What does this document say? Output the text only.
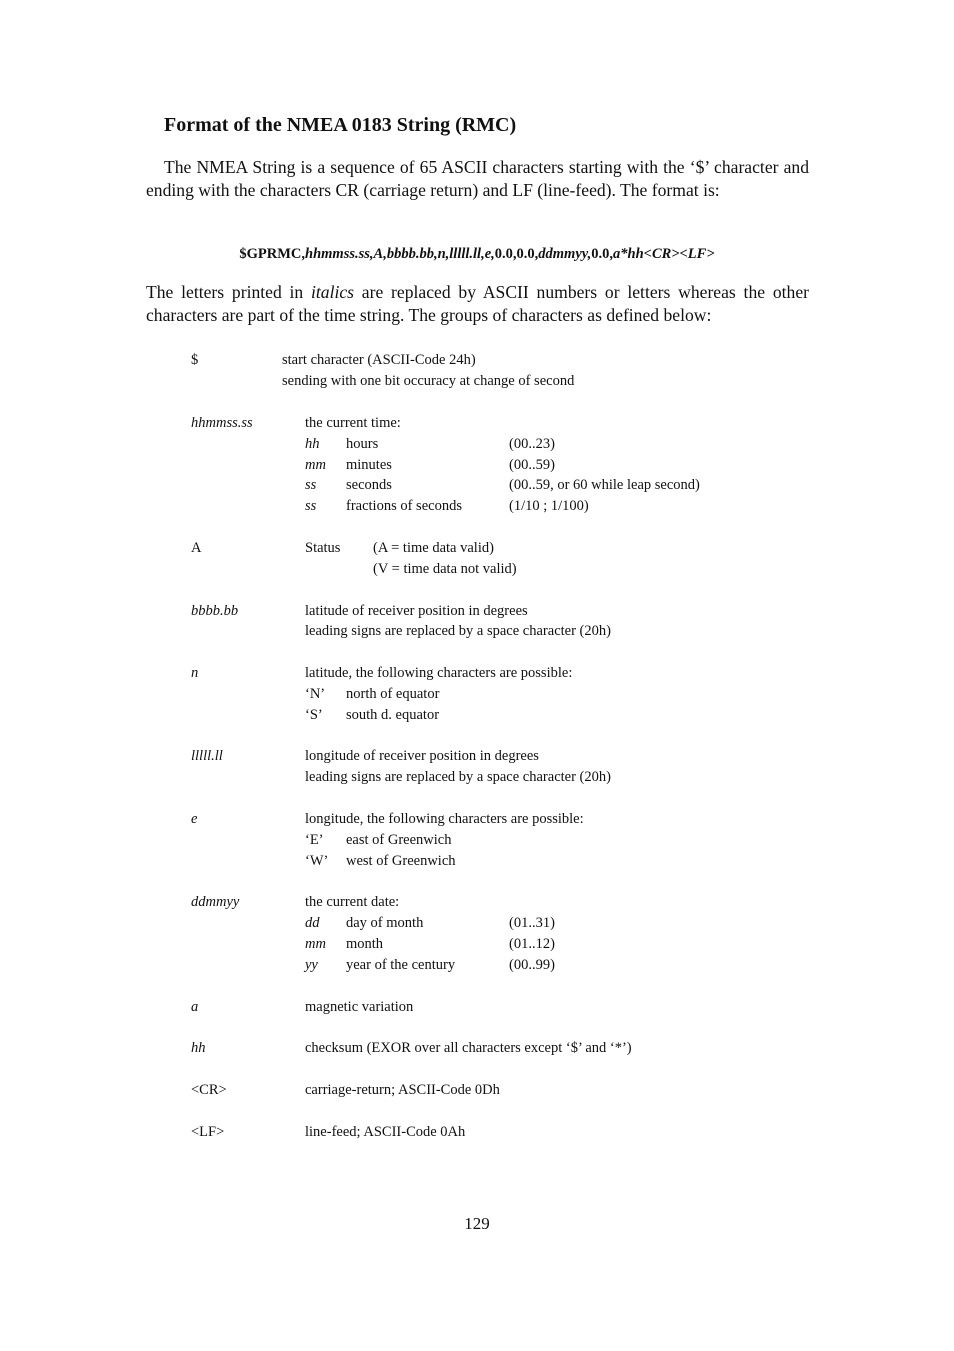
Format of the NMEA 0183 String (RMC)

The NMEA String is a sequence of 65 ASCII characters starting with the ‘$’ character and ending with the characters CR (carriage return) and LF (line-feed). The format is:

$GPRMC,hhmmss.ss,A,bbbb.bb,n,lllll.ll,e,0.0,0.0,ddmmyy,0.0,a*hh<CR><LF>

The letters printed in italics are replaced by ASCII numbers or letters whereas the other characters are part of the time string. The groups of characters as defined below:

$	start character (ASCII-Code 24h)
sending with one bit occuracy at change of second
hhmmss.ss	the current time:
hh hours	(00..23)
mm minutes	(00..59)
ss seconds	(00..59, or 60 while leap second)
ss fractions of seconds	(1/10 ; 1/100)
A	Status (A = time data valid)
(V = time data not valid)
bbbb.bb	latitude of receiver position in degrees
leading signs are replaced by a space character (20h)
n	latitude, the following characters are possible:
‘N’ north of equator
‘S’ south d. equator
lllll.ll	longitude of receiver position in degrees
leading signs are replaced by a space character (20h)
e	longitude, the following characters are possible:
‘E’ east of Greenwich
‘W’ west of Greenwich
ddmmyy	the current date:
dd day of month	(01..31)
mm month	(01..12)
yy year of the century	(00..99)
a	magnetic variation
hh	checksum (EXOR over all characters except ‘$’ and ‘*’)
<CR>	carriage-return; ASCII-Code 0Dh
<LF>	line-feed; ASCII-Code 0Ah
129
